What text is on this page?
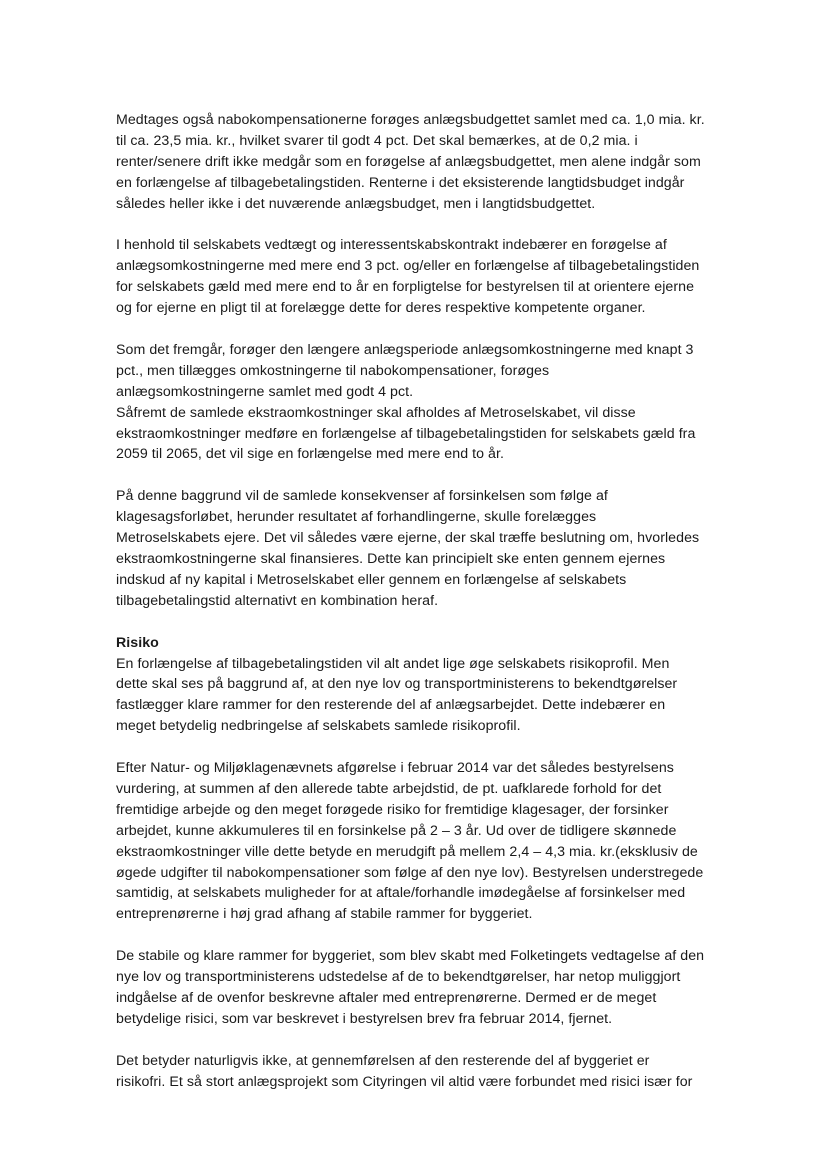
Medtages også nabokompensationerne forøges anlægsbudgettet samlet med ca. 1,0 mia. kr.
til ca. 23,5 mia. kr., hvilket svarer til godt 4 pct. Det skal bemærkes, at de 0,2 mia. i
renter/senere drift ikke medgår som en forøgelse af anlægsbudgettet, men alene indgår som
en forlængelse af tilbagebetalingstiden. Renterne i det eksisterende langtidsbudget indgår
således heller ikke i det nuværende anlægsbudget, men i langtidsbudgettet.
I henhold til selskabets vedtægt og interessentskabskontrakt indebærer en forøgelse af
anlægsomkostningerne med mere end 3 pct. og/eller en forlængelse af tilbagebetalingstiden
for selskabets gæld med mere end to år en forpligtelse for bestyrelsen til at orientere ejerne
og for ejerne en pligt til at forelægge dette for deres respektive kompetente organer.
Som det fremgår, forøger den længere anlægsperiode anlægsomkostningerne med knapt 3
pct., men tillægges omkostningerne til nabokompensationer, forøges
anlægsomkostningerne samlet med godt 4 pct.
Såfremt de samlede ekstraomkostninger skal afholdes af Metroselskabet, vil disse
ekstraomkostninger medføre en forlængelse af tilbagebetalingstiden for selskabets gæld fra
2059 til 2065, det vil sige en forlængelse med mere end to år.
På denne baggrund vil de samlede konsekvenser af forsinkelsen som følge af
klagesagsforløbet, herunder resultatet af forhandlingerne, skulle forelægges
Metroselskabets ejere. Det vil således være ejerne, der skal træffe beslutning om, hvorledes
ekstraomkostningerne skal finansieres. Dette kan principielt ske enten gennem ejernes
indskud af ny kapital i Metroselskabet eller gennem en forlængelse af selskabets
tilbagebetalingstid alternativt en kombination heraf.
Risiko
En forlængelse af tilbagebetalingstiden vil alt andet lige øge selskabets risikoprofil. Men
dette skal ses på baggrund af, at den nye lov og transportministerens to bekendtgørelser
fastlægger klare rammer for den resterende del af anlægsarbejdet. Dette indebærer en
meget betydelig nedbringelse af selskabets samlede risikoprofil.
Efter Natur- og Miljøklagenævnets afgørelse i februar 2014 var det således bestyrelsens
vurdering, at summen af den allerede tabte arbejdstid, de pt. uafklarede forhold for det
fremtidige arbejde og den meget forøgede risiko for fremtidige klagesager, der forsinker
arbejdet, kunne akkumuleres til en forsinkelse på 2 – 3 år. Ud over de tidligere skønnede
ekstraomkostninger ville dette betyde en merudgift på mellem 2,4 – 4,3 mia. kr.(eksklusiv de
øgede udgifter til nabokompensationer som følge af den nye lov). Bestyrelsen understregede
samtidig, at selskabets muligheder for at aftale/forhandle imødegåelse af forsinkelser med
entreprenørerne i høj grad afhang af stabile rammer for byggeriet.
De stabile og klare rammer for byggeriet, som blev skabt med Folketingets vedtagelse af den
nye lov og transportministerens udstedelse af de to bekendtgørelser, har netop muliggjort
indgåelse af de ovenfor beskrevne aftaler med entreprenørerne. Dermed er de meget
betydelige risici, som var beskrevet i bestyrelsen brev fra februar 2014, fjernet.
Det betyder naturligvis ikke, at gennemførelsen af den resterende del af byggeriet er
risikofri. Et så stort anlægsprojekt som Cityringen vil altid være forbundet med risici især for
